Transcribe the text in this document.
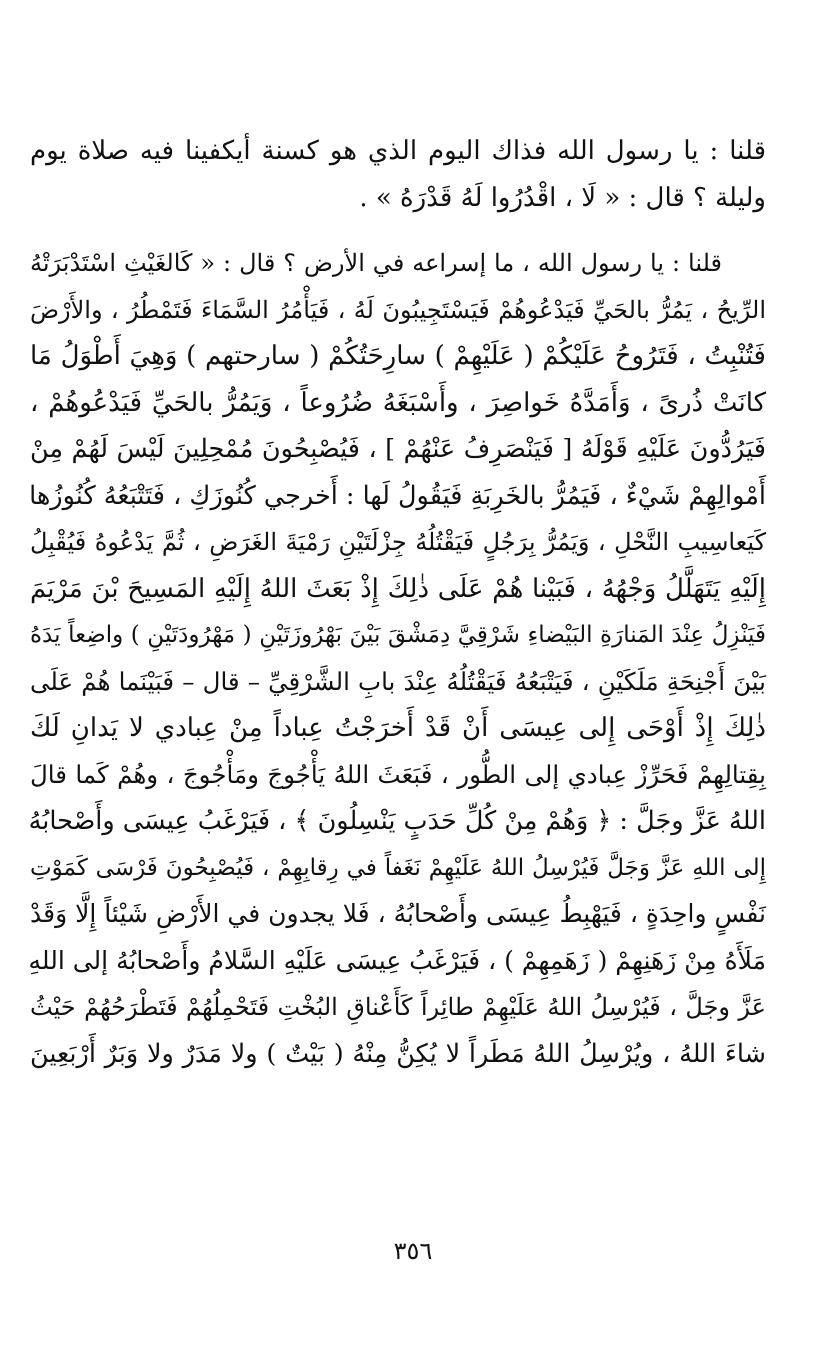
قلنا : يا رسول الله فذاك اليوم الذي هو كسنة أيكفينا فيه صلاة يوم
وليلة ؟ قال : « لَا ، اقْدُرُوا لَهُ قَدْرَهُ » .

قلنا : يا رسول الله ، ما إسراعه في الأرض ؟ قال : « كَالغَيْثِ اسْتَدْبَرَتْهُ
الرِّيحُ ، يَمُرُّ بالحَيِّ فَيَدْعُوهُمْ فَيَسْتَجِيبُونَ لَهُ ، فَيَأْمُرُ السَّمَاءَ فَتَمْطُرُ ، والأَرْضَ
فَتُنْبِتُ ، فَتَرُوحُ عَلَيْكُمْ ( عَلَيْهِمْ ) سارِحَتُكُمْ ( سارحتهم ) وَهِيَ أَطْوَلُ مَا
كانَتْ ذُرىً ، وَأَمَدَّهُ خَواصِرَ ، وأَسْبَغَهُ ضُرُوعاً ، وَيَمُرُّ بالحَيِّ فَيَدْعُوهُمْ ،
فَيَرُدُّونَ عَلَيْهِ قَوْلَهُ [ فَيَنْصَرِفُ عَنْهُمْ ] ، فَيُصْبِحُونَ مُمْحِلِينَ لَيْسَ لَهُمْ مِنْ
أَمْوالِهِمْ شَيْءٌ ، فَيَمُرُّ بالخَرِبَةِ فَيَقُولُ لَها : أَخرجي كُنُوزَكِ ، فَتَتْبَعُهُ كُنُوزُها
كَيَعاسِيبِ النَّحْلِ ، وَيَمُرُّ بِرَجُلٍ فَيَقْتُلُهُ جِزْلَتَيْنِ رَمْيَةَ الغَرَضِ ، ثُمَّ يَدْعُوهُ فَيُقْبِلُ
إِلَيْهِ يَتَهَلَّلُ وَجْهُهُ ، فَبَيْنا هُمْ عَلَى ذٰلِكَ إِذْ بَعَثَ اللهُ إِلَيْهِ المَسِيحَ بْنَ مَرْيَمَ
فَيَنْزِلُ عِنْدَ المَنارَةِ البَيْضاءِ شَرْقِيَّ دِمَشْقَ بَيْنَ بَهْرُوزَتَيْنِ ( مَهْرُودَتَيْنِ ) واضِعاً يَدَهُ
بَيْنَ أَجْنِحَةِ مَلَكَيْنِ ، فَيَتْبَعُهُ فَيَقْتُلُهُ عِنْدَ بابِ الشَّرْقِيِّ – قال – فَبَيْنَما هُمْ عَلَى
ذٰلِكَ إِذْ أَوْحَى إِلى عِيسَى أَنْ قَدْ أَخرَجْتُ عِباداً مِنْ عِبادي لا يَدانِ لَكَ
بِقِتالِهِمْ فَحَرِّزْ عِبادي إلى الطُّور ، فَبَعَثَ اللهُ يَأْجُوجَ ومَأْجُوجَ ، وهُمْ كَما قالَ
اللهُ عَزَّ وجَلَّ : ﴿ وَهُمْ مِنْ كُلِّ حَدَبٍ يَنْسِلُونَ ﴾ ، فَيَرْغَبُ عِيسَى وأَصْحابُهُ
إِلى اللهِ عَزَّ وَجَلَّ فَيُرْسِلُ اللهُ عَلَيْهِمْ نَغَفاً في رِقابِهِمْ ، فَيُصْبِحُونَ فَرْسَى كَمَوْتِ
نَفْسٍ واحِدَةٍ ، فَيَهْبِطُ عِيسَى وأَصْحابُهُ ، فَلا يجدون في الأَرْضِ شَيْئاً إِلَّا وَقَدْ
مَلَأَهُ مِنْ زَهَنِهِمْ ( زَهَمِهِمْ ) ، فَيَرْغَبُ عِيسَى عَلَيْهِ السَّلامُ وأَصْحابُهُ إلى اللهِ
عَزَّ وجَلَّ ، فَيُرْسِلُ اللهُ عَلَيْهِمْ طائِراً كَأَعْناقِ البُخْتِ فَتَحْمِلُهُمْ فَتَطْرَحُهُمْ حَيْثُ
شاءَ اللهُ ، ويُرْسِلُ اللهُ مَطَراً لا يُكِنُّ مِنْهُ ( بَيْتٌ ) ولا مَدَرٌ ولا وَبَرٌ أَرْبَعِينَ

٣٥٦
